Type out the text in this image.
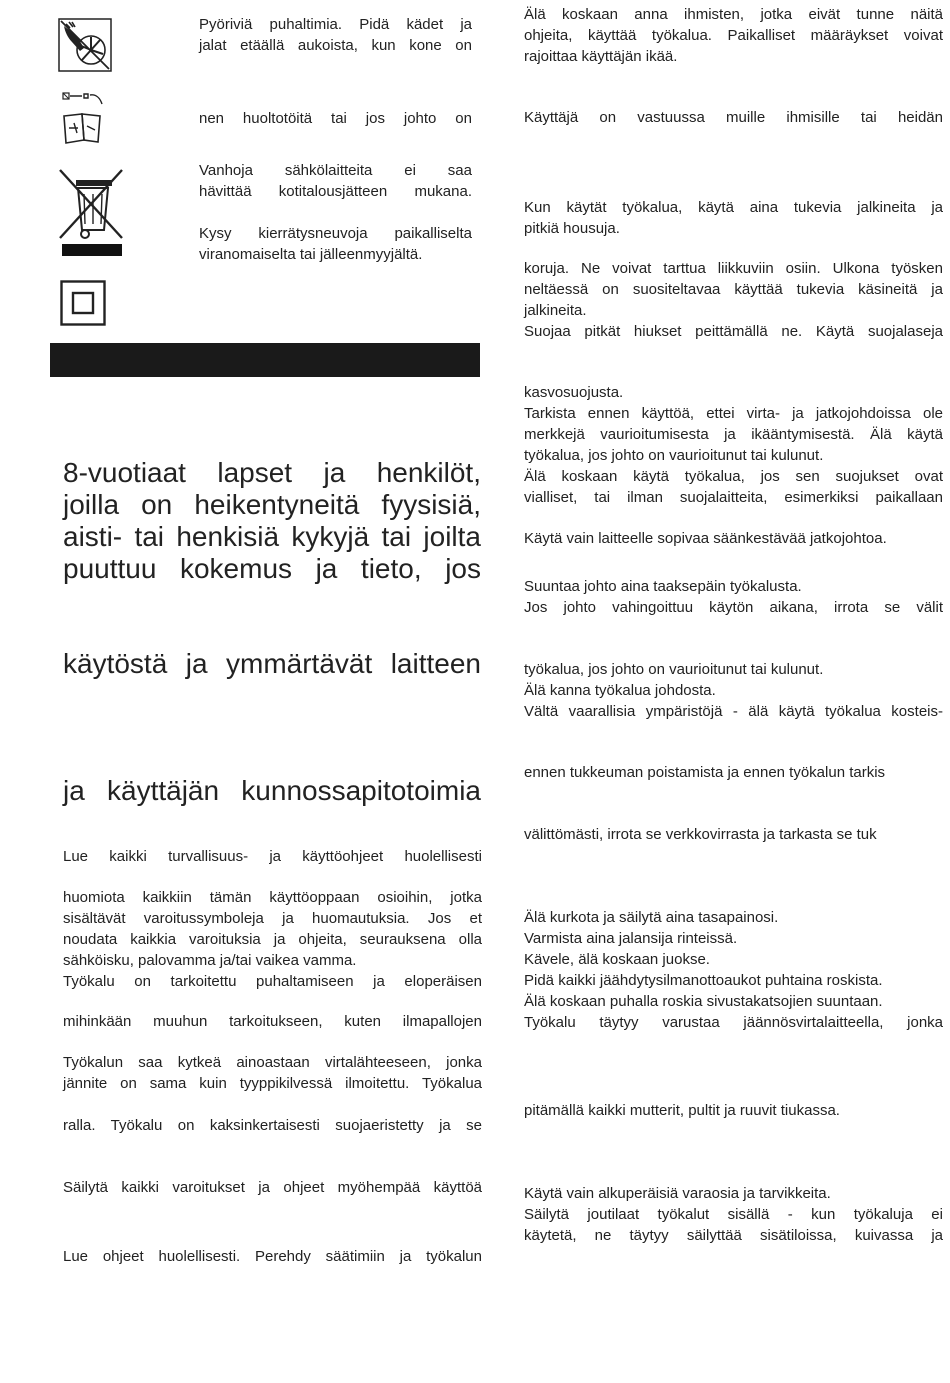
Pyöriviä puhaltimia. Pidä kädet ja
jalat etäällä aukoista, kun kone on
nen huoltotöitä tai jos johto on
Vanhoja sähkölaitteita ei saa
hävittää kotitalousjätteen mukana.
Kysy kierrätysneuvoja paikalliselta
viranomaiselta tai jälleenmyyjältä.
8-vuotiaat lapset ja henkilöt,
joilla on heikentyneitä fyysisiä,
aisti- tai henkisiä kykyjä tai joilta
puuttuu kokemus ja tieto, jos
käytöstä ja ymmärtävät laitteen
ja käyttäjän kunnossapitotoimia
Lue kaikki turvallisuus- ja käyttöohjeet huolellisesti
huomiota kaikkiin tämän käyttöoppaan osioihin, jotka
sisältävät varoitussymboleja ja huomautuksia. Jos et
noudata kaikkia varoituksia ja ohjeita, seurauksena olla
sähköisku, palovamma ja/tai vaikea vamma.
Työkalu on tarkoitettu puhaltamiseen ja eloperäisen
mihinkään muuhun tarkoitukseen, kuten ilmapallojen
Työkalun saa kytkeä ainoastaan virtalähteeseen, jonka
jännite on sama kuin tyyppikilvessä ilmoitettu. Työkalua
ralla. Työkalu on kaksinkertaisesti suojaeristetty ja se
Säilytä kaikki varoitukset ja ohjeet myöhempää käyttöä
Lue ohjeet huolellisesti. Perehdy säätimiin ja työkalun
Älä koskaan anna ihmisten, jotka eivät tunne näitä
ohjeita, käyttää työkalua. Paikalliset määräykset voivat
rajoittaa käyttäjän ikää.
Käyttäjä on vastuussa muille ihmisille tai heidän
Kun käytät työkalua, käytä aina tukevia jalkineita ja
pitkiä housuja.
koruja. Ne voivat tarttua liikkuviin osiin. Ulkona työsken
neltäessä on suositeltavaa käyttää tukevia käsineitä ja
jalkineita.
Suojaa pitkät hiukset peittämällä ne. Käytä suojalaseja
kasvosuojusta.
Tarkista ennen käyttöä, ettei virta- ja jatkojohdoissa ole
merkkejä vaurioitumisesta ja ikääntymisestä. Älä käytä
työkalua, jos johto on vaurioitunut tai kulunut.
Älä koskaan käytä työkalua, jos sen suojukset ovat
vialliset, tai ilman suojalaitteita, esimerkiksi paikallaan
Käytä vain laitteelle sopivaa säänkestävää jatkojohtoa.
Suuntaa johto aina taaksepäin työkalusta.
Jos johto vahingoittuu käytön aikana, irrota se välit
työkalua, jos johto on vaurioitunut tai kulunut.
Älä kanna työkalua johdosta.
Vältä vaarallisia ympäristöjä - älä käytä työkalua kosteis-
ennen tukkeuman poistamista ja ennen työkalun tarkis
välittömästi, irrota se verkkovirrasta ja tarkasta se tuk
Älä kurkota ja säilytä aina tasapainosi.
Varmista aina jalansija rinteissä.
Kävele, älä koskaan juokse.
Pidä kaikki jäähdytysilmanottoaukot puhtaina roskista.
Älä koskaan puhalla roskia sivustakatsojien suuntaan.
Työkalu täytyy varustaa jäännösvirtalaitteella, jonka
pitämällä kaikki mutterit, pultit ja ruuvit tiukassa.
Käytä vain alkuperäisiä varaosia ja tarvikkeita.
Säilytä joutilaat työkalut sisällä - kun työkaluja ei
käytetä, ne täytyy säilyttää sisätiloissa, kuivassa ja
